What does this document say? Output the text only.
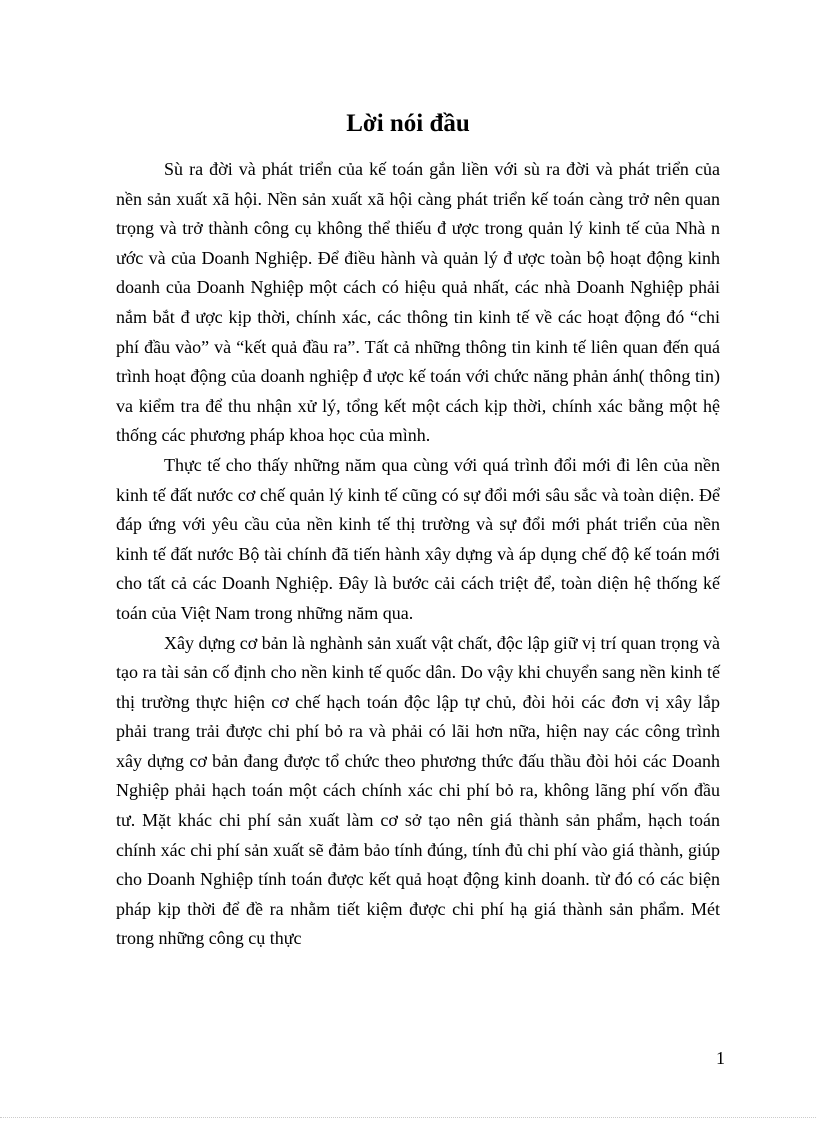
Lời nói đầu

Sù ra đời và phát triển của kế toán gắn liền với sù ra đời và phát triển của nền sản xuất xã hội. Nền sản xuất xã hội càng phát triển kế toán càng trở nên quan trọng và trở thành công cụ không thể thiếu đ ược trong quản lý kinh tế của Nhà n ước và của Doanh Nghiệp. Để điều hành và quản lý đ ược toàn bộ hoạt động kinh doanh của Doanh Nghiệp một cách có hiệu quả nhất, các nhà Doanh Nghiệp phải nắm bắt đ ược kịp thời, chính xác, các thông tin kinh tế về các hoạt động đó “chi phí đầu vào” và “kết quả đầu ra”. Tất cả những thông tin kinh tế liên quan đến quá trình hoạt động của doanh nghiệp đ ược kế toán với chức năng phản ánh( thông tin) va kiểm tra để thu nhận xử lý, tổng kết một cách kịp thời, chính xác bằng một hệ thống các phương pháp khoa học của mình.

Thực tế cho thấy những năm qua cùng với quá trình đổi mới đi lên của nền kinh tế đất nước cơ chế quản lý kinh tế cũng có sự đổi mới sâu sắc và toàn diện. Để đáp ứng với yêu cầu của nền kinh tế thị trường và sự đổi mới phát triển của nền kinh tế đất nước Bộ tài chính đã tiến hành xây dựng và áp dụng chế độ kế toán mới cho tất cả các Doanh Nghiệp. Đây là bước cải cách triệt để, toàn diện hệ thống kế toán của Việt Nam trong những năm qua.

Xây dựng cơ bản là nghành sản xuất vật chất, độc lập giữ vị trí quan trọng và tạo ra tài sản cố định cho nền kinh tế quốc dân. Do vậy khi chuyển sang nền kinh tế thị trường thực hiện cơ chế hạch toán độc lập tự chủ, đòi hỏi các đơn vị xây lắp phải trang trải được chi phí bỏ ra và phải có lãi hơn nữa, hiện nay các công trình xây dựng cơ bản đang được tổ chức theo phương thức đấu thầu đòi hỏi các Doanh Nghiệp phải hạch toán một cách chính xác chi phí bỏ ra, không lãng phí vốn đầu tư. Mặt khác chi phí sản xuất làm cơ sở tạo nên giá thành sản phẩm, hạch toán chính xác chi phí sản xuất sẽ đảm bảo tính đúng, tính đủ chi phí vào giá thành, giúp cho Doanh Nghiệp tính toán được kết quả hoạt động kinh doanh. từ đó có các biện pháp kịp thời để đề ra nhằm tiết kiệm được chi phí hạ giá thành sản phẩm. Mét trong những công cụ thực

1
